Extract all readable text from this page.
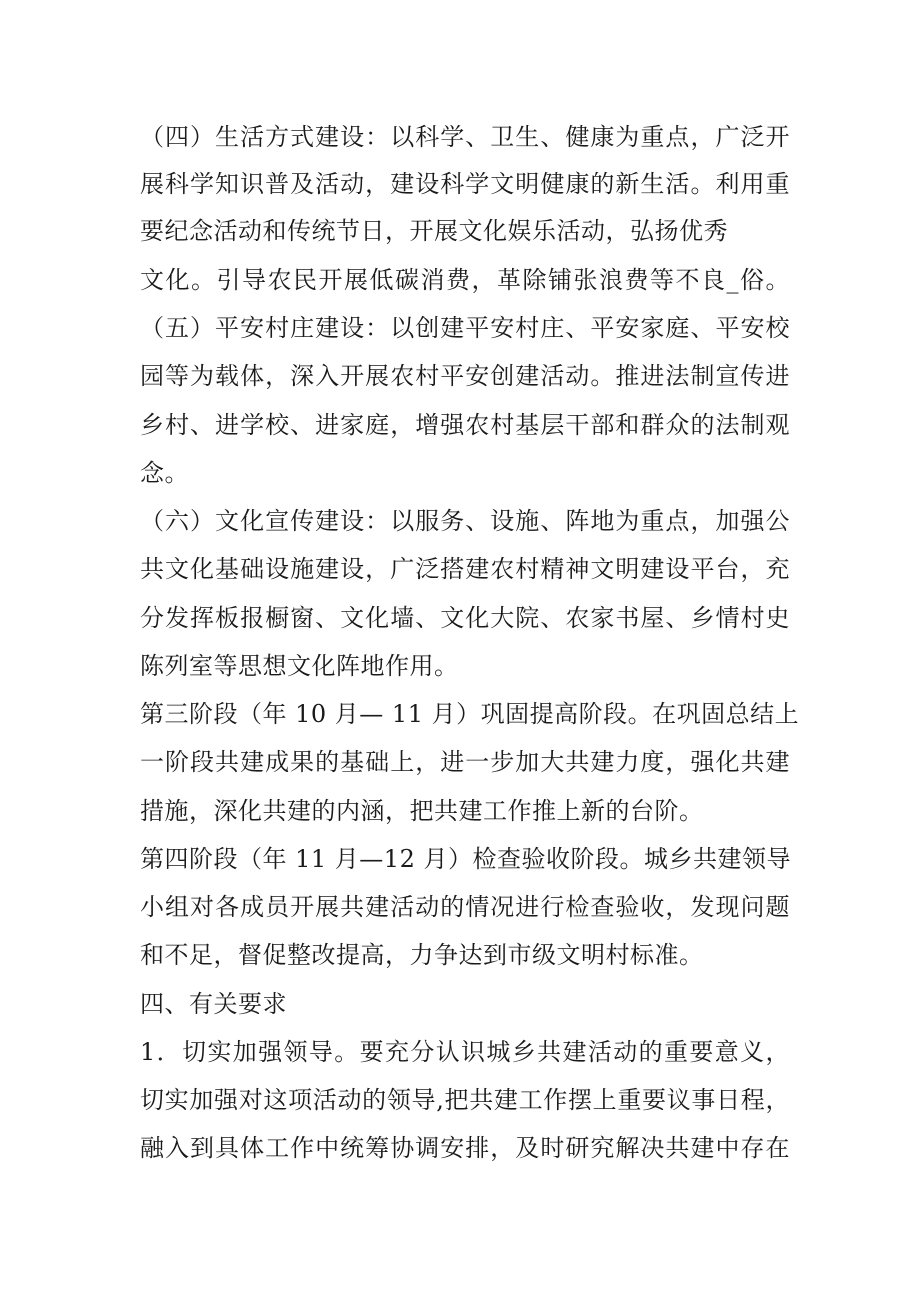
（四）生活方式建设：以科学、卫生、健康为重点，广泛开
展科学知识普及活动，建设科学文明健康的新生活。利用重
要纪念活动和传统节日，开展文化娱乐活动，弘扬优秀
文化。引导农民开展低碳消费，革除铺张浪费等不良_俗。
（五）平安村庄建设：以创建平安村庄、平安家庭、平安校
园等为载体，深入开展农村平安创建活动。推进法制宣传进
乡村、进学校、进家庭，增强农村基层干部和群众的法制观
念。
（六）文化宣传建设：以服务、设施、阵地为重点，加强公
共文化基础设施建设，广泛搭建农村精神文明建设平台，充
分发挥板报橱窗、文化墙、文化大院、农家书屋、乡情村史
陈列室等思想文化阵地作用。
第三阶段（年 10 月— 11 月）巩固提高阶段。在巩固总结上
一阶段共建成果的基础上，进一步加大共建力度，强化共建
措施，深化共建的内涵，把共建工作推上新的台阶。
第四阶段（年 11 月—12 月）检查验收阶段。城乡共建领导
小组对各成员开展共建活动的情况进行检查验收，发现问题
和不足，督促整改提高，力争达到市级文明村标准。
四、有关要求
1．切实加强领导。要充分认识城乡共建活动的重要意义，
切实加强对这项活动的领导,把共建工作摆上重要议事日程，
融入到具体工作中统筹协调安排，及时研究解决共建中存在
